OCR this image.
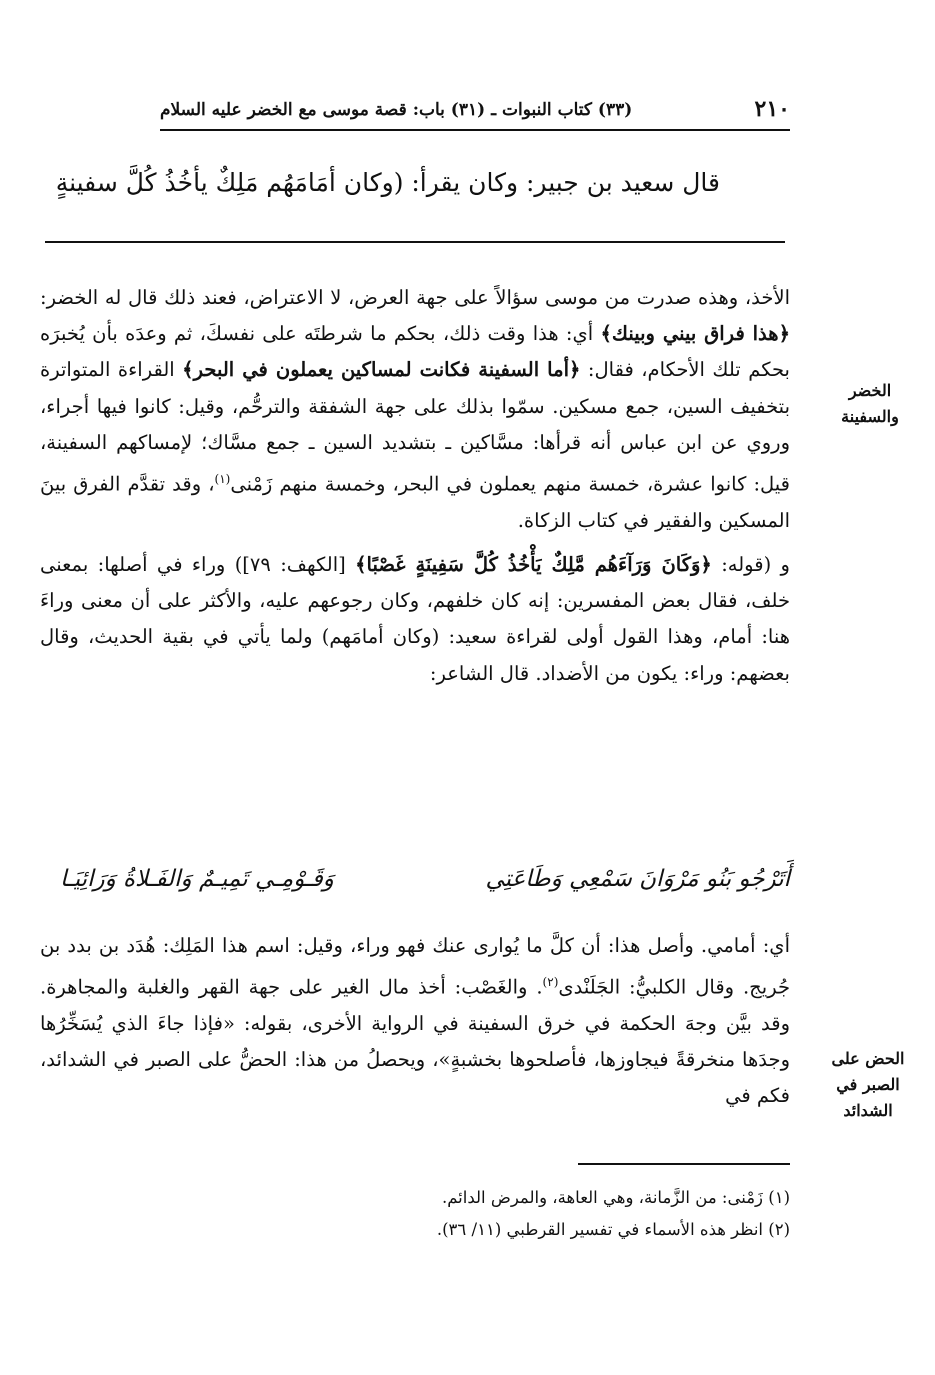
٢١٠
(٣٣) كتاب النبوات ـ (٣١) باب: قصة موسى مع الخضر عليه السلام
قال سعيد بن جبير: وكان يقرأ: (وكان أمَامَهُم مَلِكٌ يأخُذُ كُلَّ سفينةٍ
الخضر والسفينة
الحض على الصبر في الشدائد

الأخذ، وهذه صدرت من موسى سؤالاً على جهة العرض، لا الاعتراض، فعند ذلك قال له الخضر: ﴿هذا فراق بيني وبينك﴾ أي: هذا وقت ذلك، بحكم ما شرطتَه على نفسكَ، ثم وعدَه بأن يُخبرَه بحكم تلك الأحكام، فقال: ﴿أما السفينة فكانت لمساكين يعملون في البحر﴾ القراءة المتواترة بتخفيف السين، جمع مسكين. سمّوا بذلك على جهة الشفقة والترحُّم، وقيل: كانوا فيها أجراء، وروي عن ابن عباس أنه قرأها: مسَّاكين ـ بتشديد السين ـ جمع مسَّاك؛ لإمساكهم السفينة، قيل: كانوا عشرة، خمسة منهم يعملون في البحر، وخمسة منهم زَمْنى$^{(١)}$، وقد تقدَّم الفرق بينَ المسكين والفقير في كتاب الزكاة.

و (قوله: ﴿وَكَانَ وَرَآءَهُم مَّلِكٌ يَأْخُذُ كُلَّ سَفِينَةٍ غَصْبًا﴾ [الكهف: ٧٩]) وراء في أصلها: بمعنى خلف، فقال بعض المفسرين: إنه كان خلفهم، وكان رجوعهم عليه، والأكثر على أن معنى وراءَ هنا: أمام، وهذا القول أولى لقراءة سعيد: (وكان أمامَهم) ولما يأتي في بقية الحديث، وقال بعضهم: وراء: يكون من الأضداد. قال الشاعر:

أَتَرْجُو بَنُو مَرْوَانَ سَمْعِي وَطَاعَتِي
وَقَـوْمِـي تَمِيـمٌ وَالفَـلاةُ وَرَائِيَـا

أي: أمامي. وأصل هذا: أن كلَّ ما يُوارى عنك فهو وراء، وقيل: اسم هذا المَلِك: هُدَد بن بدد بن جُريج. وقال الكلبيُّ: الجَلَنْدى$^{(٢)}$. والغَصْب: أخذ مال الغير على جهة القهر والغلبة والمجاهرة. وقد بيَّن وجهَ الحكمة في خرق السفينة في الرواية الأخرى، بقوله: «فإذا جاءَ الذي يُسَخِّرُها وجدَها منخرقةً فيجاوزها، فأصلحوها بخشبةٍ»، ويحصلُ من هذا: الحضُّ على الصبر في الشدائد، فكم في

(١) زَمْنى: من الزَّمانة، وهي العاهة، والمرض الدائم.

(٢) انظر هذه الأسماء في تفسير القرطبي (١١/ ٣٦).
